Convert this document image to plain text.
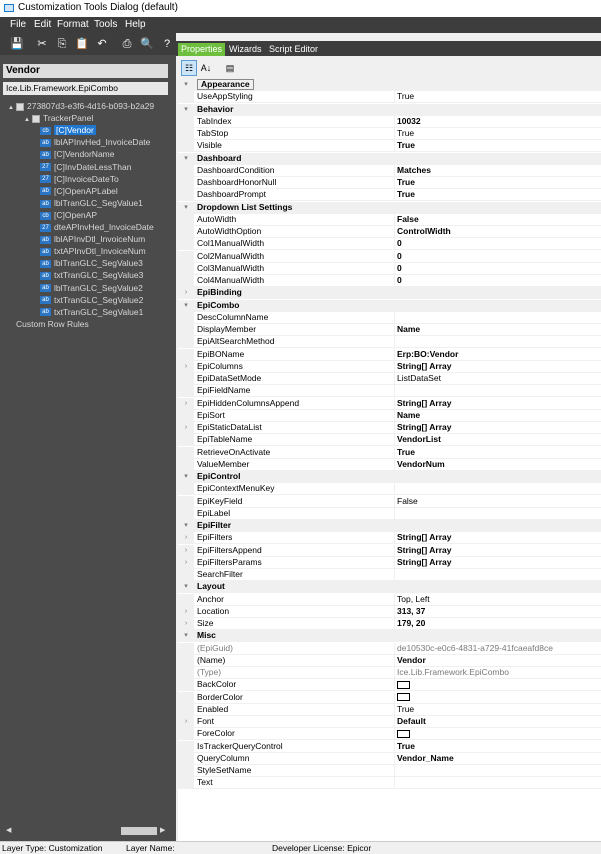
Customization Tools Dialog (default)
File Edit Format Tools Help
💾 ✂ ⎘ 📋 ↶ ⎙ 🔍 ?	Properties Wizards Script Editor
Vendor
Ice.Lib.Framework.EpiCombo
▲ 273807d3-e3f6-4d16-b093-b2a29
▲ TrackerPanel
cb [C]Vendor
ab lblAPInvHed_InvoiceDate
ab [C]VendorName
27 [C]InvDateLessThan
27 [C]InvoiceDateTo
ab [C]OpenAPLabel
ab lblTranGLC_SegValue1
cb [C]OpenAP
27 dteAPInvHed_InvoiceDate
ab lblAPInvDtl_InvoiceNum
ab txtAPInvDtl_InvoiceNum
ab lblTranGLC_SegValue3
ab txtTranGLC_SegValue3
ab lblTranGLC_SegValue2
ab txtTranGLC_SegValue2
ab txtTranGLC_SegValue1
Custom Row Rules
◀	▶
☷ A↓	▤
▾	Appearance
UseAppStyling	True
▾	Behavior
TabIndex	10032
TabStop	True
Visible	True
▾	Dashboard
DashboardCondition	Matches
DashboardHonorNull	True
DashboardPrompt	True
▾	Dropdown List Settings
AutoWidth	False
AutoWidthOption	ControlWidth
Col1ManualWidth	0
Col2ManualWidth	0
Col3ManualWidth	0
Col4ManualWidth	0
›	EpiBinding
▾	EpiCombo
DescColumnName
DisplayMember	Name
EpiAltSearchMethod
EpiBOName	Erp:BO:Vendor
›	EpiColumns	String[] Array
EpiDataSetMode	ListDataSet
EpiFieldName
›	EpiHiddenColumnsAppend	String[] Array
EpiSort	Name
›	EpiStaticDataList	String[] Array
EpiTableName	VendorList
RetrieveOnActivate	True
ValueMember	VendorNum
▾	EpiControl
EpiContextMenuKey
EpiKeyField	False
EpiLabel
▾	EpiFilter
›	EpiFilters	String[] Array
›	EpiFiltersAppend	String[] Array
›	EpiFiltersParams	String[] Array
SearchFilter
▾	Layout
Anchor	Top, Left
›	Location	313, 37
›	Size	179, 20
▾	Misc
(EpiGuid)	de10530c-e0c6-4831-a729-41fcaeafd8ce
(Name)	Vendor
(Type)	Ice.Lib.Framework.EpiCombo
BackColor
BorderColor
Enabled	True
›	Font	Default
ForeColor
IsTrackerQueryControl	True
QueryColumn	Vendor_Name
StyleSetName
Text
Layer Type: Customization	Layer Name:	Developer License: Epicor
